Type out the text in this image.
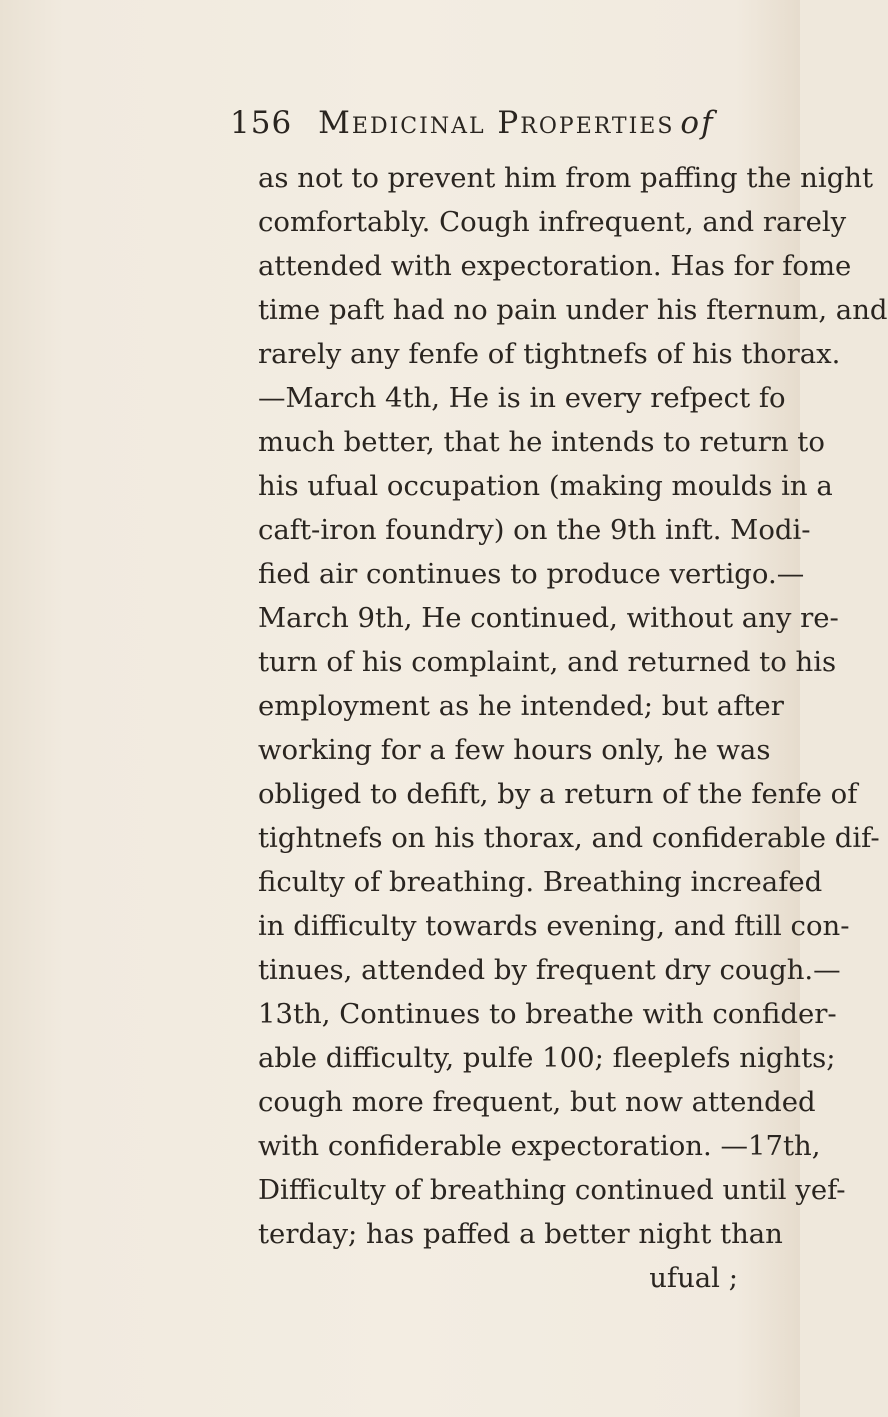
156 Medicinal Properties of
as not to prevent him from paffing the night
comfortably. Cough infrequent, and rarely
attended with expectoration. Has for fome
time paft had no pain under his fternum, and
rarely any fenfe of tightnefs of his thorax.
—March 4th, He is in every refpect fo
much better, that he intends to return to
his ufual occupation (making moulds in a
caft-iron foundry) on the 9th inft. Modi-
fied air continues to produce vertigo.—
March 9th, He continued, without any re-
turn of his complaint, and returned to his
employment as he intended; but after
working for a few hours only, he was
obliged to defift, by a return of the fenfe of
tightnefs on his thorax, and confiderable dif-
ficulty of breathing. Breathing increafed
in difficulty towards evening, and ftill con-
tinues, attended by frequent dry cough.—
13th, Continues to breathe with confider-
able difficulty, pulfe 100; fleeplefs nights;
cough more frequent, but now attended
with confiderable expectoration. —17th,
Difficulty of breathing continued until yef-
terday; has paffed a better night than
ufual ;
